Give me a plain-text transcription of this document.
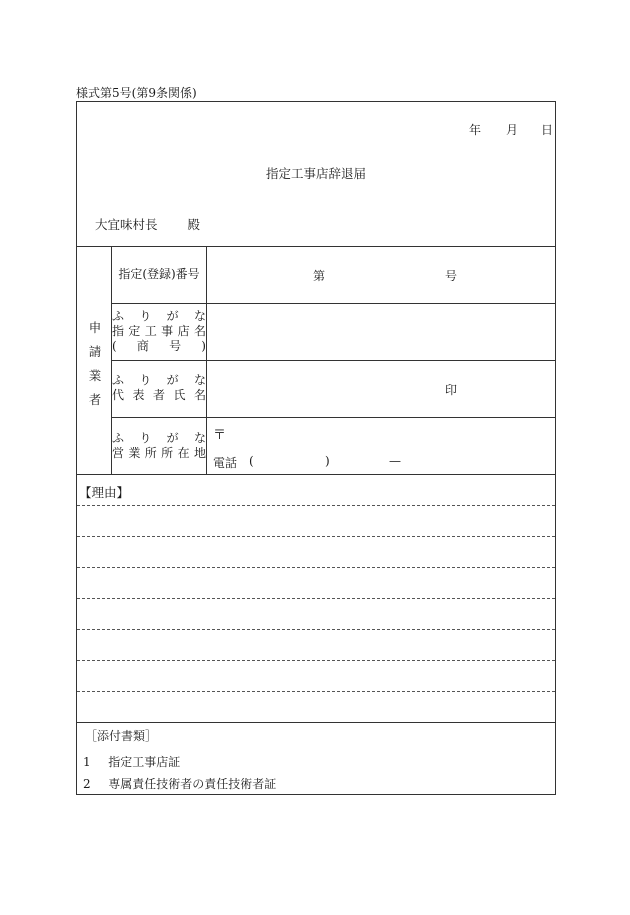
様式第5号(第9条関係)
年 月 日
指定工事店辞退届
大宜味村長 殿
申
請
業
者
指定(登録)番号	第	号
ふ り が な
指 定 工 事 店 名
( 商 号 )
ふ り が な
代 表 者 氏 名	印
ふ り が な
営 業 所 所 在 地
〒
電話 (	)	—
【理由】
［添付書類］
1 指定工事店証
2 専属責任技術者の責任技術者証
